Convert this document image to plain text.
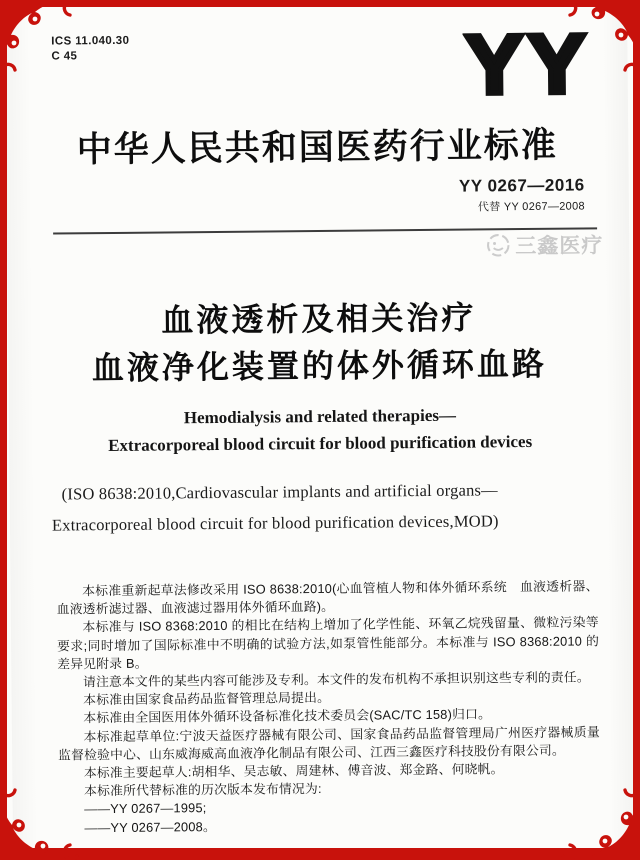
ICS 11.040.30
C 45	YY
中华人民共和国医药行业标准
YY 0267—2016
代替 YY 0267—2008
三鑫医疗
血液透析及相关治疗
血液净化装置的体外循环血路
Hemodialysis and related therapies—
Extracorporeal blood circuit for blood purification devices
(ISO 8638:2010,Cardiovascular implants and artificial organs—
Extracorporeal blood circuit for blood purification devices,MOD)

本标准重新起草法修改采用 ISO 8638:2010(心血管植人物和体外循环系统　血液透析器、血液透析滤过器、血液滤过器用体外循环血路)。

本标准与 ISO 8368:2010 的相比在结构上增加了化学性能、环氧乙烷残留量、微粒污染等要求;同时增加了国际标准中不明确的试验方法,如泵管性能部分。本标准与 ISO 8368:2010 的差异见附录 B。

请注意本文件的某些内容可能涉及专利。本文件的发布机构不承担识别这些专利的责任。

本标准由国家食品药品监督管理总局提出。

本标准由全国医用体外循环设备标准化技术委员会(SAC/TC 158)归口。

本标准起草单位:宁波天益医疗器械有限公司、国家食品药品监督管理局广州医疗器械质量监督检验中心、山东威海威高血液净化制品有限公司、江西三鑫医疗科技股份有限公司。

本标准主要起草人:胡相华、吴志敏、周建林、傅音波、郑金路、何晓帆。

本标准所代替标准的历次版本发布情况为:

——YY 0267—1995;

——YY 0267—2008。
